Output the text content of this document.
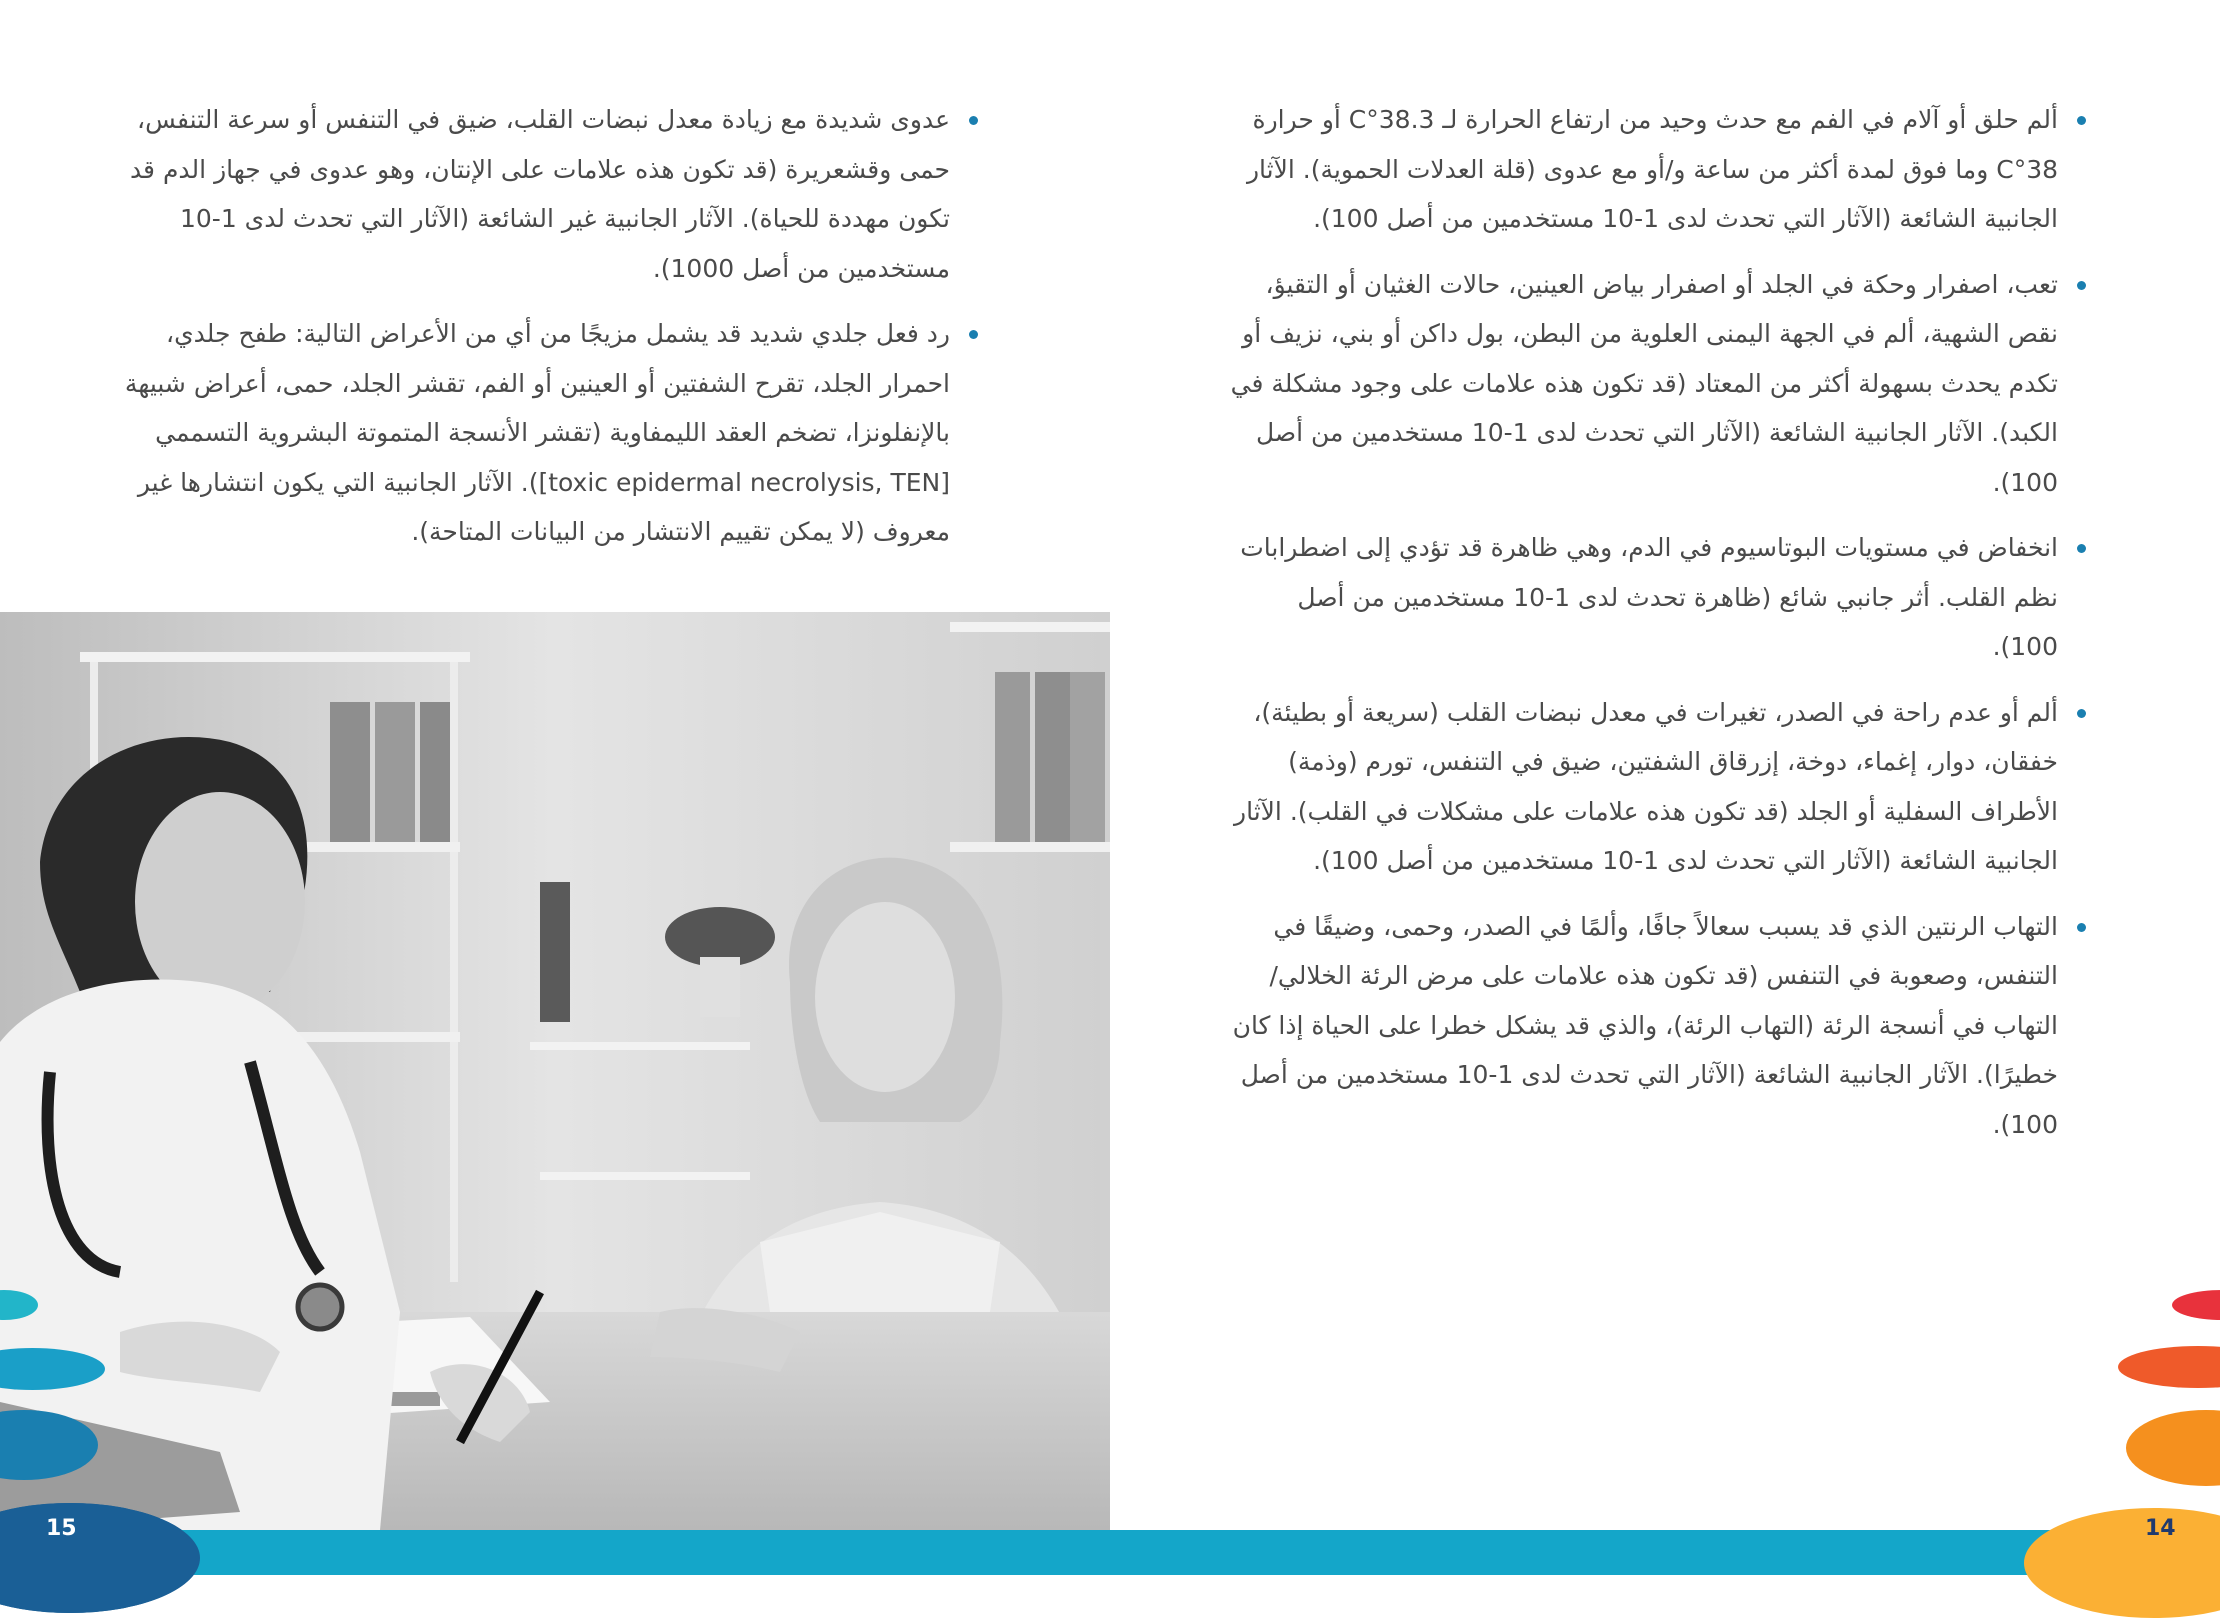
ألم حلق أو آلام في الفم مع حدث وحيد من ارتفاع الحرارة لـ 38.3°C أو حرارة 38°C وما فوق لمدة أكثر من ساعة و/أو مع عدوى (قلة العدلات الحموية). الآثار الجانبية الشائعة (الآثار التي تحدث لدى 1-10 مستخدمين من أصل 100).
تعب، اصفرار وحكة في الجلد أو اصفرار بياض العينين، حالات الغثيان أو التقيؤ، نقص الشهية، ألم في الجهة اليمنى العلوية من البطن، بول داكن أو بني، نزيف أو تكدم يحدث بسهولة أكثر من المعتاد (قد تكون هذه علامات على وجود مشكلة في الكبد). الآثار الجانبية الشائعة (الآثار التي تحدث لدى 1-10 مستخدمين من أصل 100).
انخفاض في مستويات البوتاسيوم في الدم، وهي ظاهرة قد تؤدي إلى اضطرابات نظم القلب. أثر جانبي شائع (ظاهرة تحدث لدى 1-10 مستخدمين من أصل 100).
ألم أو عدم راحة في الصدر، تغيرات في معدل نبضات القلب (سريعة أو بطيئة)، خفقان، دوار، إغماء، دوخة، إزرقاق الشفتين، ضيق في التنفس، تورم (وذمة) الأطراف السفلية أو الجلد (قد تكون هذه علامات على مشكلات في القلب). الآثار الجانبية الشائعة (الآثار التي تحدث لدى 1-10 مستخدمين من أصل 100).
التهاب الرنتين الذي قد يسبب سعالاً جافًا، وألمًا في الصدر، وحمى، وضيقًا في التنفس، وصعوبة في التنفس (قد تكون هذه علامات على مرض الرئة الخلالي/ التهاب في أنسجة الرئة (التهاب الرئة)، والذي قد يشكل خطرا على الحياة إذا كان خطيرًا). الآثار الجانبية الشائعة (الآثار التي تحدث لدى 1-10 مستخدمين من أصل 100).
عدوى شديدة مع زيادة معدل نبضات القلب، ضيق في التنفس أو سرعة التنفس، حمى وقشعريرة (قد تكون هذه علامات على الإنتان، وهو عدوى في جهاز الدم قد تكون مهددة للحياة). الآثار الجانبية غير الشائعة (الآثار التي تحدث لدى 1-10 مستخدمين من أصل 1000).
رد فعل جلدي شديد قد يشمل مزيجًا من أي من الأعراض التالية: طفح جلدي، احمرار الجلد، تقرح الشفتين أو العينين أو الفم، تقشر الجلد، حمى، أعراض شبيهة بالإنفلونزا، تضخم العقد الليمفاوية (تقشر الأنسجة المتموتة البشروية التسممي [toxic epidermal necrolysis, TEN]). الآثار الجانبية التي يكون انتشارها غير معروف (لا يمكن تقييم الانتشار من البيانات المتاحة).
15	14
